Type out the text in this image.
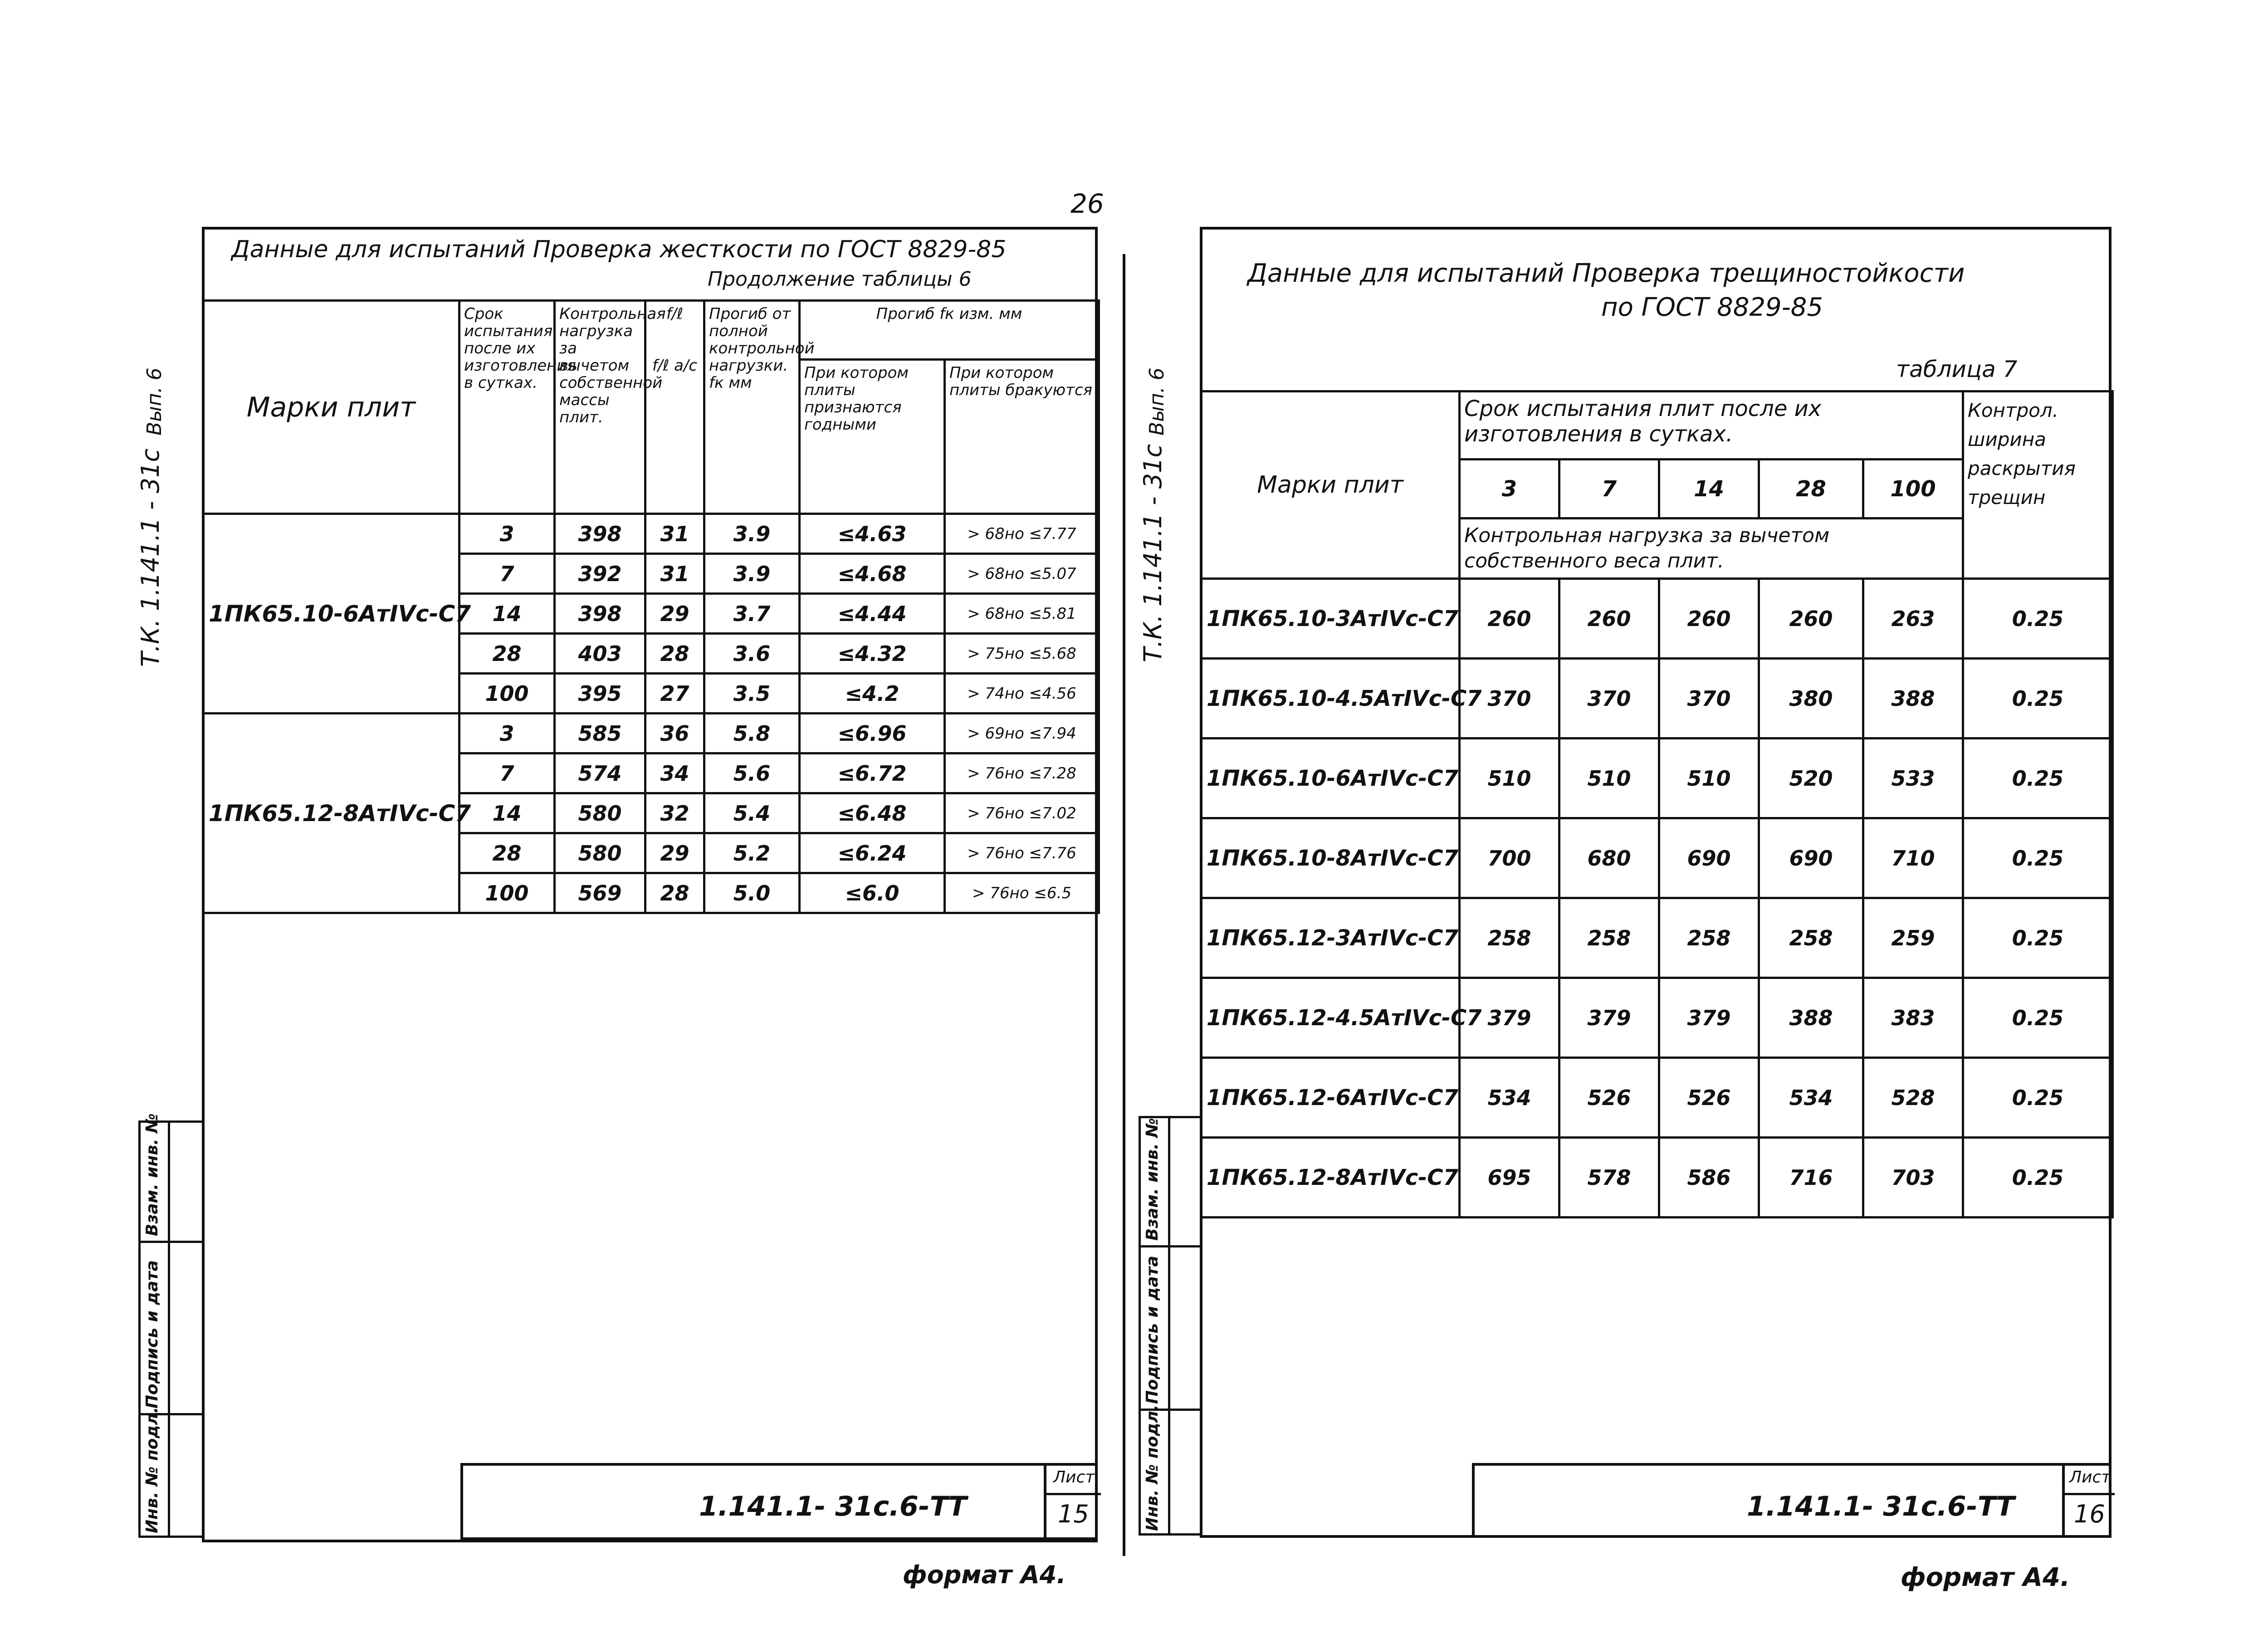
26
Т.К. 1.141.1 - 31с
Вып. 6
Данные для испытаний Проверка жесткости по ГОСТ 8829-85
Продолжение таблицы 6
Марки плит	Срок испытания после их изготовления в сутках.	Контрольная нагрузка за вычетом собственной массы плит.	f/ℓ

f/ℓ a/c	Прогиб от полной контрольной нагрузки. fк мм	Прогиб fк изм. мм	
					При котором плиты признаются годными	При котором плиты бракуются
1ПК65.10-6АтIVс-С7	3	398	31	3.9	≤4.63	> 68но ≤7.77
	7	392	31	3.9	≤4.68	> 68но ≤5.07
	14	398	29	3.7	≤4.44	> 68но ≤5.81
	28	403	28	3.6	≤4.32	> 75но ≤5.68
	100	395	27	3.5	≤4.2	> 74но ≤4.56
1ПК65.12-8АтIVс-С7	3	585	36	5.8	≤6.96	> 69но ≤7.94
	7	574	34	5.6	≤6.72	> 76но ≤7.28
	14	580	32	5.4	≤6.48	> 76но ≤7.02
	28	580	29	5.2	≤6.24	> 76но ≤7.76
	100	569	28	5.0	≤6.0	> 76но ≤6.5
Взам. инв. №
Подпись и дата
Инв. № подл.	1.141.1- 31с.6-ТТ
Лист
15
формат А4.
Т.К. 1.141.1 - 31с
Вып. 6
Данные для испытаний Проверка трещиностойкости
по ГОСТ 8829-85
таблица 7
Марки плит	Срок испытания плит после их изготовления в сутках.					Контрол. ширина раскрытия трещин
	3	7	14	28	100	
	Контрольная нагрузка за вычетом собственного веса плит.					
1ПК65.10-3АтIVс-С7	260	260	260	260	263	0.25
1ПК65.10-4.5АтIVс-С7	370	370	370	380	388	0.25
1ПК65.10-6АтIVс-С7	510	510	510	520	533	0.25
1ПК65.10-8АтIVс-С7	700	680	690	690	710	0.25
1ПК65.12-3АтIVс-С7	258	258	258	258	259	0.25
1ПК65.12-4.5АтIVс-С7	379	379	379	388	383	0.25
1ПК65.12-6АтIVс-С7	534	526	526	534	528	0.25
1ПК65.12-8АтIVс-С7	695	578	586	716	703	0.25
Взам. инв. №
Подпись и дата
Инв. № подл.	1.141.1- 31с.6-ТТ
Лист
16
формат А4.
